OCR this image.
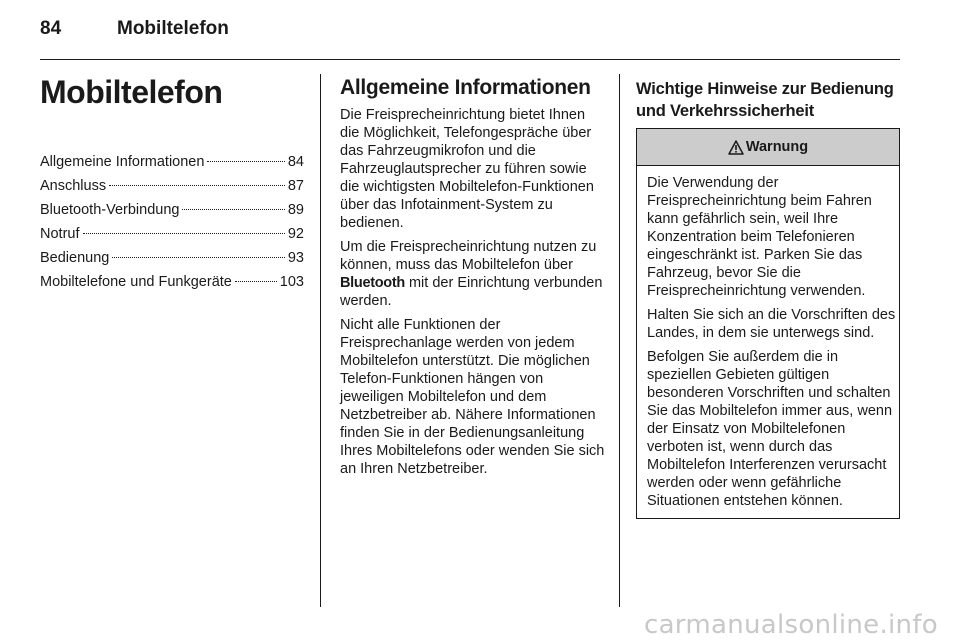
84	Mobiltelefon
Mobiltelefon
Allgemeine Informationen	84
Anschluss	87
Bluetooth-Verbindung	89
Notruf	92
Bedienung	93
Mobiltelefone und Funkgeräte	103
Allgemeine Informationen

Die Freisprecheinrichtung bietet Ihnen die Möglichkeit, Telefongespräche über das Fahrzeugmikrofon und die Fahrzeuglautsprecher zu führen sowie die wichtigsten Mobiltelefon-Funktionen über das Infotainment-System zu bedienen.

Um die Freisprecheinrichtung nutzen zu können, muss das Mobiltelefon über Bluetooth mit der Einrichtung verbunden werden.

Nicht alle Funktionen der Freisprechanlage werden von jedem Mobiltelefon unterstützt. Die möglichen Telefon-Funktionen hängen von jeweiligen Mobiltelefon und dem Netzbetreiber ab. Nähere Informationen finden Sie in der Bedienungsanleitung Ihres Mobiltelefons oder wenden Sie sich an Ihren Netzbetreiber.

Wichtige Hinweise zur Bedienung und Verkehrssicherheit
Warnung

Die Verwendung der Freisprecheinrichtung beim Fahren kann gefährlich sein, weil Ihre Konzentration beim Telefonieren eingeschränkt ist. Parken Sie das Fahrzeug, bevor Sie die Freisprecheinrichtung verwenden.

Halten Sie sich an die Vorschriften des Landes, in dem sie unterwegs sind.

Befolgen Sie außerdem die in speziellen Gebieten gültigen besonderen Vorschriften und schalten Sie das Mobiltelefon immer aus, wenn der Einsatz von Mobiltelefonen verboten ist, wenn durch das Mobiltelefon Interferenzen verursacht werden oder wenn gefährliche Situationen entstehen können.

carmanualsonline.info
